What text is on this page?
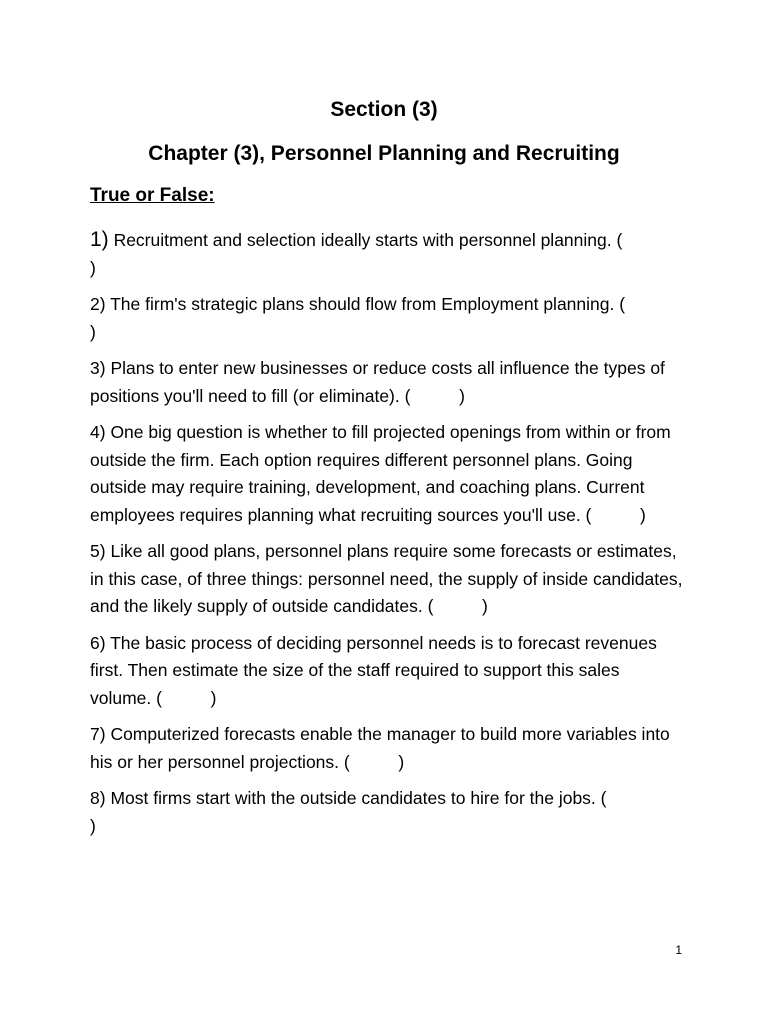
Section (3)
Chapter (3), Personnel Planning and Recruiting
True or False:

1) Recruitment and selection ideally starts with personnel planning. (
)

2) The firm's strategic plans should flow from Employment planning. (
)

3) Plans to enter new businesses or reduce costs all influence the types of positions you'll need to fill (or eliminate). (	)

4) One big question is whether to fill projected openings from within or from outside the firm. Each option requires different personnel plans. Going outside may require training, development, and coaching plans. Current employees requires planning what recruiting sources you'll use. (	)

5) Like all good plans, personnel plans require some forecasts or estimates, in this case, of three things: personnel need, the supply of inside candidates, and the likely supply of outside candidates. (	)

6) The basic process of deciding personnel needs is to forecast revenues first. Then estimate the size of the staff required to support this sales volume. (	)

7) Computerized forecasts enable the manager to build more variables into his or her personnel projections. (	)

8) Most firms start with the outside candidates to hire for the jobs. (
)

1
